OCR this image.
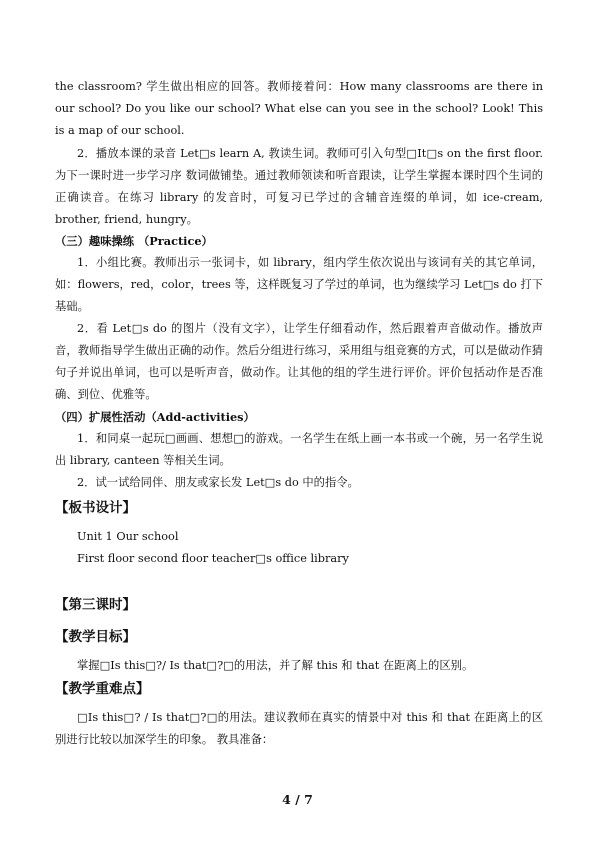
the classroom? 学生做出相应的回答。教师接着问：How many classrooms are there in our school? Do you like our school? What else can you see in the school? Look! This is a map of our school.

2．播放本课的录音 Let□s learn A, 教读生词。教师可引入句型□It□s on the first floor.为下一课时进一步学习序 数词做铺垫。通过教师领读和听音跟读，让学生掌握本课时四个生词的正确读音。在练习 library 的发音时，可复习已学过的含辅音连缀的单词，如 ice-cream, brother, friend, hungry。

（三）趣味操练 （Practice）

1．小组比赛。教师出示一张词卡，如 library，组内学生依次说出与该词有关的其它单词，如：flowers，red，color，trees 等，这样既复习了学过的单词，也为继续学习 Let□s do 打下基础。

2．看 Let□s do 的图片（没有文字），让学生仔细看动作，然后跟着声音做动作。播放声音，教师指导学生做出正确的动作。然后分组进行练习，采用组与组竞赛的方式，可以是做动作猜句子并说出单词，也可以是听声音，做动作。让其他的组的学生进行评价。评价包括动作是否准确、到位、优雅等。

（四）扩展性活动（Add-activities）

1．和同桌一起玩□画画、想想□的游戏。一名学生在纸上画一本书或一个碗，另一名学生说出 library, canteen 等相关生词。

2．试一试给同伴、朋友或家长发 Let□s do 中的指令。

【板书设计】

Unit 1 Our school

First floor second floor teacher□s office library

【第三课时】

【教学目标】

掌握□Is this□?/ Is that□?□的用法，并了解 this 和 that 在距离上的区别。

【教学重难点】

□Is this□? / Is that□?□的用法。建议教师在真实的情景中对 this 和 that 在距离上的区别进行比较以加深学生的印象。 教具准备：

4 / 7
